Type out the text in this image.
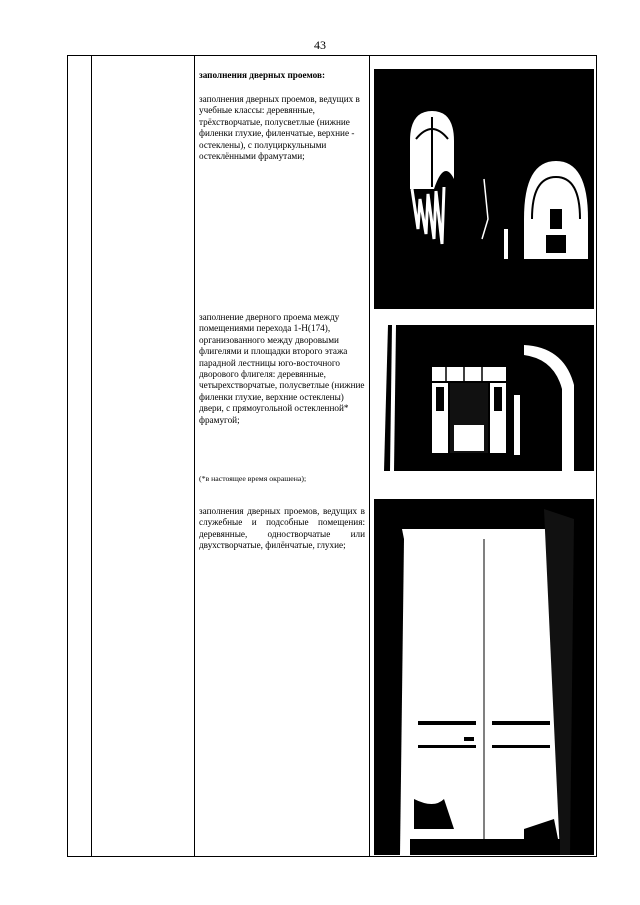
43

заполнения дверных проемов:

заполнения дверных проемов, ведущих в учебные классы: деревянные, трёхстворчатые, полусветлые (нижние филенки глухие, филенчатые, верхние - остеклены), с полуциркульными остеклёнными фрамутами;

заполнение дверного проема между помещениями перехода 1-Н(174), организованного между дворовыми флигелями и площадки второго этажа парадной лестницы юго-восточного дворового флигеля: деревянные, четырехстворчатые, полусветлые (нижние филенки глухие, верхние остеклены) двери, с прямоугольной остекленной* фрамугой;

(*в настоящее время окрашена);

заполнения дверных проемов, ведущих в служебные и подсобные помещения: деревянные, одностворчатые или двухстворчатые, филёнчатые, глухие;
